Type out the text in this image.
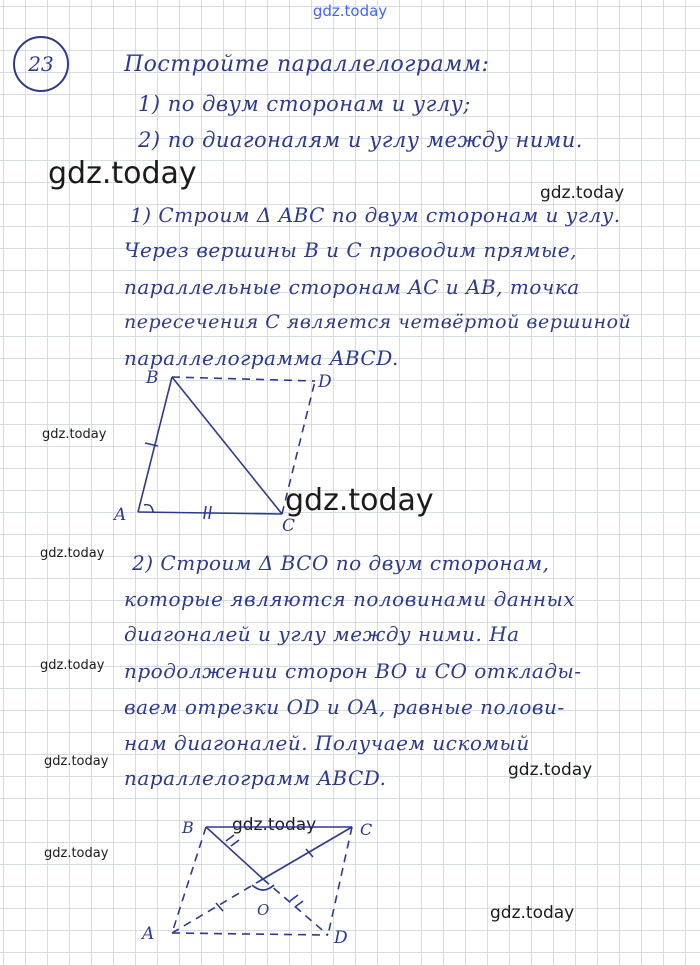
gdz.today
gdz.today
gdz.today
gdz.today
gdz.today
gdz.today
gdz.today
gdz.today	gdz.today
gdz.today
gdz.today
gdz.today
23	Постройте параллелограмм:
1) по двум сторонам и углу;
2) по диагоналям и углу между ними.
1) Строим Δ ABC по двум сторонам и углу.
Через вершины B и C проводим прямые,
параллельные сторонам AC и AB, точка
пересечения C является четвёртой вершиной
параллелограмма ABCD.
B	D
A
C
2) Строим Δ BCO по двум сторонам,
которые являются половинами данных
диагоналей и углу между ними. На
продолжении сторон BO и CO отклады-
ваем отрезки OD и OA, равные полови-
нам диагоналей. Получаем искомый
параллелограмм ABCD.
B	C
O
A	D
